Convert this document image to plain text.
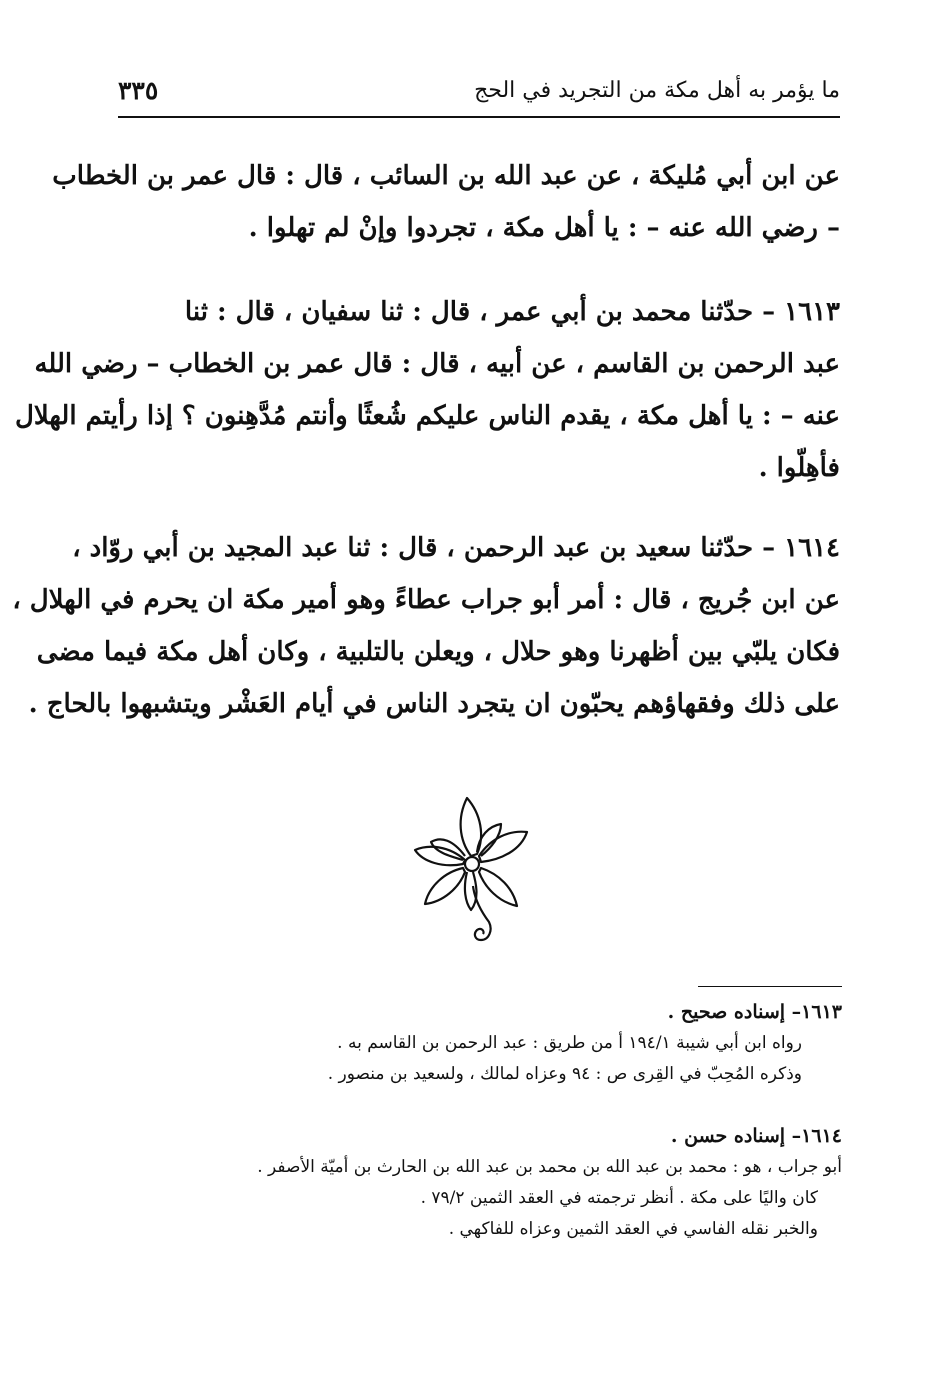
٣٣٥	ما يؤمر به أهل مكة من التجريد في الحج

عن ابن أبي مُليكة ، عن عبد الله بن السائب ، قال : قال عمر بن الخطاب

– رضي الله عنه – : يا أهل مكة ، تجردوا وإنْ لم تهلوا .

١٦١٣ – حدّثنا محمد بن أبي عمر ، قال : ثنا سفيان ، قال : ثنا

عبد الرحمن بن القاسم ، عن أبيه ، قال : قال عمر بن الخطاب – رضي الله

عنه – : يا أهل مكة ، يقدم الناس عليكم شُعثًا وأنتم مُدَّهِنون ؟ إذا رأيتم الهلال

فأهِلّوا .

١٦١٤ – حدّثنا سعيد بن عبد الرحمن ، قال : ثنا عبد المجيد بن أبي روّاد ،

عن ابن جُريج ، قال : أمر أبو جراب عطاءً وهو أمير مكة ان يحرم في الهلال ،

فكان يلبّي بين أظهرنا وهو حلال ، ويعلن بالتلبية ، وكان أهل مكة فيما مضى

على ذلك وفقهاؤهم يحبّون ان يتجرد الناس في أيام العَشْر ويتشبهوا بالحاج .

١٦١٣– إسناده صحيح .
رواه ابن أبي شيبة ١٩٤/١ أ من طريق : عبد الرحمن بن القاسم به .
وذكره المُحِبّ في القِرى ص : ٩٤ وعزاه لمالك ، ولسعيد بن منصور .
١٦١٤– إسناده حسن .
أبو جراب ، هو : محمد بن عبد الله بن محمد بن عبد الله بن الحارث بن أميّة الأصفر .
كان واليًا على مكة . أنظر ترجمته في العقد الثمين ٧٩/٢ .
والخبر نقله الفاسي في العقد الثمين وعزاه للفاكهي .
